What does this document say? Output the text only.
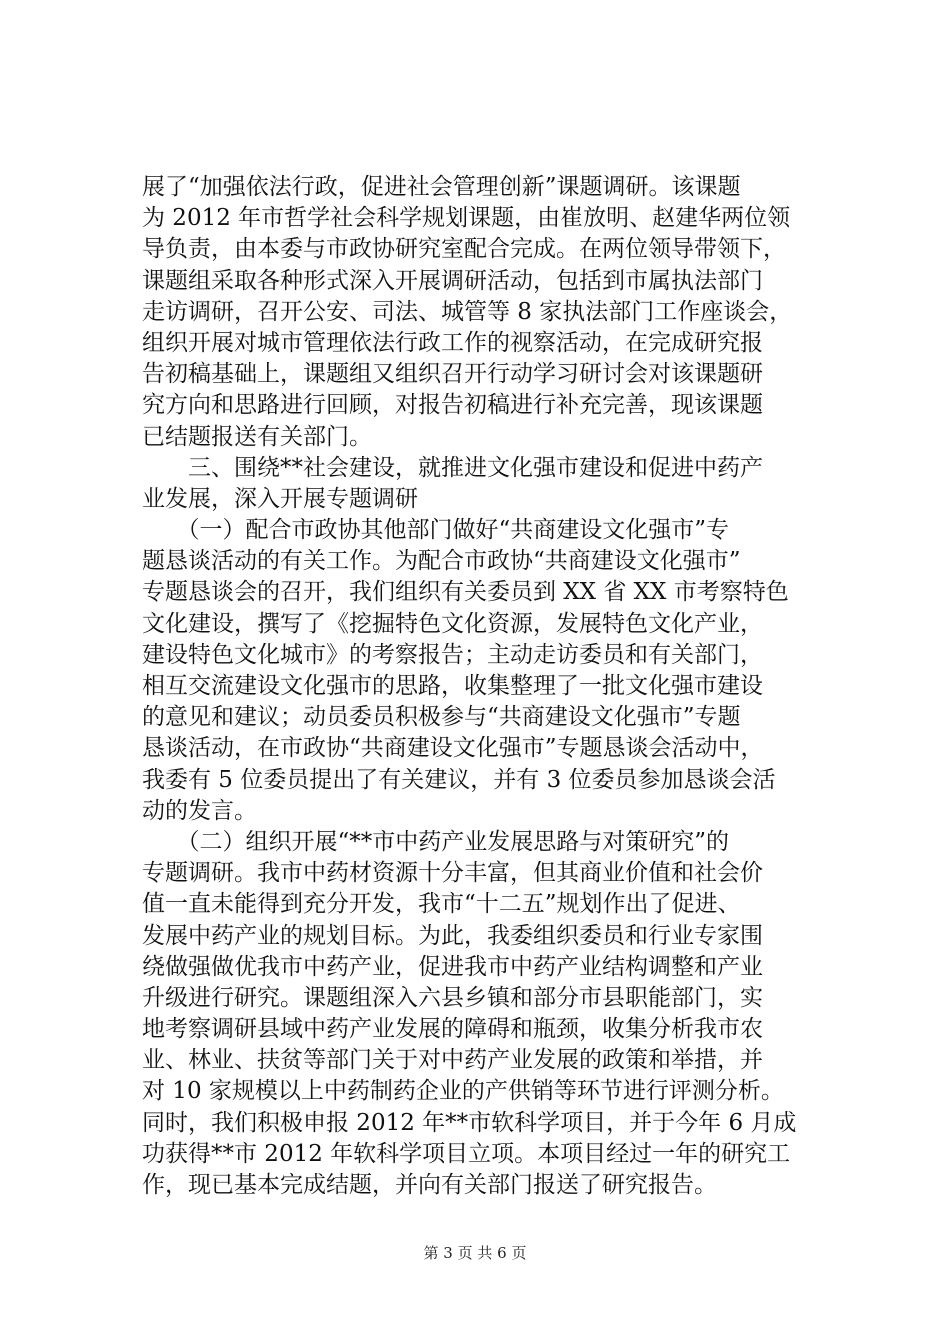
展了“加强依法行政，促进社会管理创新”课题调研。该课题
为 2012 年市哲学社会科学规划课题，由崔放明、赵建华两位领
导负责，由本委与市政协研究室配合完成。在两位领导带领下，
课题组采取各种形式深入开展调研活动，包括到市属执法部门
走访调研，召开公安、司法、城管等 8 家执法部门工作座谈会，
组织开展对城市管理依法行政工作的视察活动，在完成研究报
告初稿基础上，课题组又组织召开行动学习研讨会对该课题研
究方向和思路进行回顾，对报告初稿进行补充完善，现该课题
已结题报送有关部门。
　　三、围绕**社会建设，就推进文化强市建设和促进中药产
业发展，深入开展专题调研
　　（一）配合市政协其他部门做好“共商建设文化强市”专
题恳谈活动的有关工作。为配合市政协“共商建设文化强市”
专题恳谈会的召开，我们组织有关委员到 XX 省 XX 市考察特色
文化建设，撰写了《挖掘特色文化资源，发展特色文化产业，
建设特色文化城市》的考察报告；主动走访委员和有关部门，
相互交流建设文化强市的思路，收集整理了一批文化强市建设
的意见和建议；动员委员积极参与“共商建设文化强市”专题
恳谈活动，在市政协“共商建设文化强市”专题恳谈会活动中，
我委有 5 位委员提出了有关建议，并有 3 位委员参加恳谈会活
动的发言。
　　（二）组织开展“**市中药产业发展思路与对策研究”的
专题调研。我市中药材资源十分丰富，但其商业价值和社会价
值一直未能得到充分开发，我市“十二五”规划作出了促进、
发展中药产业的规划目标。为此，我委组织委员和行业专家围
绕做强做优我市中药产业，促进我市中药产业结构调整和产业
升级进行研究。课题组深入六县乡镇和部分市县职能部门，实
地考察调研县域中药产业发展的障碍和瓶颈，收集分析我市农
业、林业、扶贫等部门关于对中药产业发展的政策和举措，并
对 10 家规模以上中药制药企业的产供销等环节进行评测分析。
同时，我们积极申报 2012 年**市软科学项目，并于今年 6 月成
功获得**市 2012 年软科学项目立项。本项目经过一年的研究工
作，现已基本完成结题，并向有关部门报送了研究报告。
第 3 页 共 6 页
